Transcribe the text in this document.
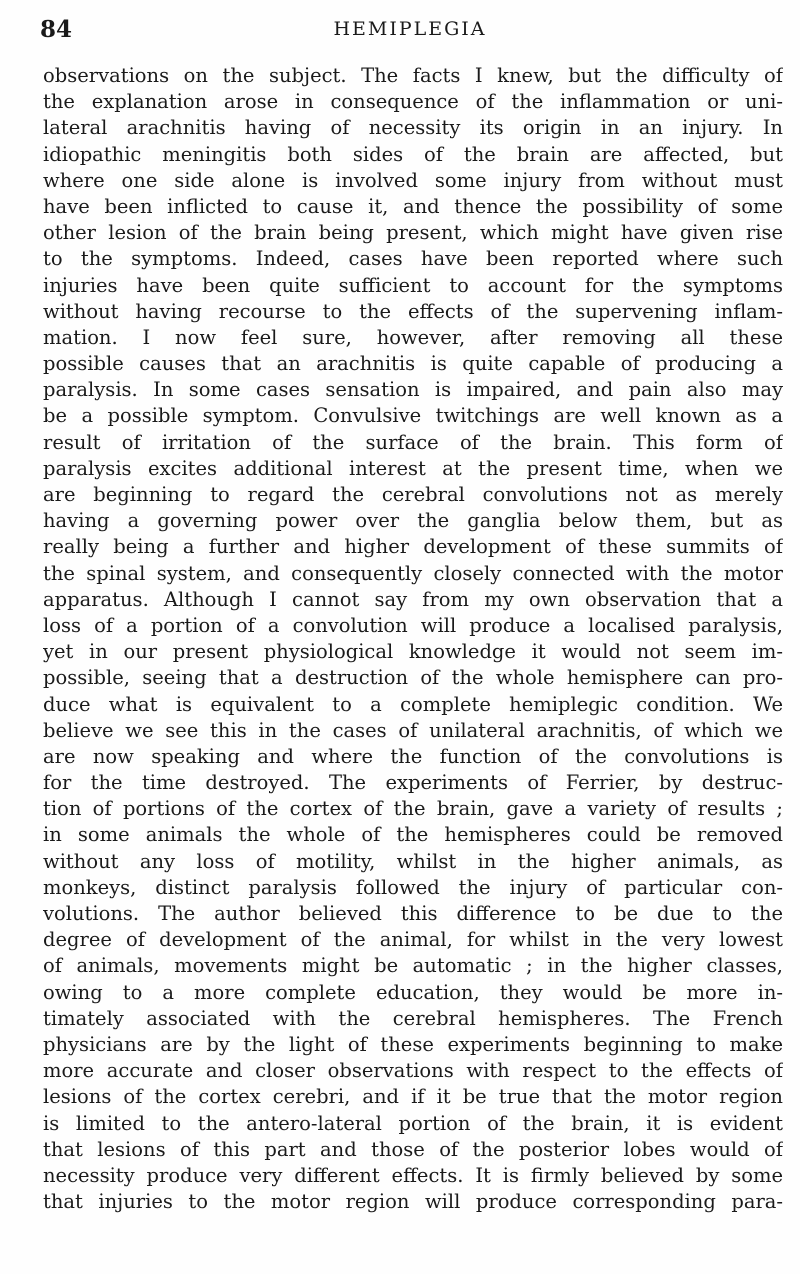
84	HEMIPLEGIA
observations on the subject. The facts I knew, but the difficulty of
the explanation arose in consequence of the inflammation or uni-
lateral arachnitis having of necessity its origin in an injury. In
idiopathic meningitis both sides of the brain are affected, but
where one side alone is involved some injury from without must
have been inflicted to cause it, and thence the possibility of some
other lesion of the brain being present, which might have given rise
to the symptoms. Indeed, cases have been reported where such
injuries have been quite sufficient to account for the symptoms
without having recourse to the effects of the supervening inflam-
mation. I now feel sure, however, after removing all these
possible causes that an arachnitis is quite capable of producing a
paralysis. In some cases sensation is impaired, and pain also may
be a possible symptom. Convulsive twitchings are well known as a
result of irritation of the surface of the brain. This form of
paralysis excites additional interest at the present time, when we
are beginning to regard the cerebral convolutions not as merely
having a governing power over the ganglia below them, but as
really being a further and higher development of these summits of
the spinal system, and consequently closely connected with the motor
apparatus. Although I cannot say from my own observation that a
loss of a portion of a convolution will produce a localised paralysis,
yet in our present physiological knowledge it would not seem im-
possible, seeing that a destruction of the whole hemisphere can pro-
duce what is equivalent to a complete hemiplegic condition. We
believe we see this in the cases of unilateral arachnitis, of which we
are now speaking and where the function of the convolutions is
for the time destroyed. The experiments of Ferrier, by destruc-
tion of portions of the cortex of the brain, gave a variety of results ;
in some animals the whole of the hemispheres could be removed
without any loss of motility, whilst in the higher animals, as
monkeys, distinct paralysis followed the injury of particular con-
volutions. The author believed this difference to be due to the
degree of development of the animal, for whilst in the very lowest
of animals, movements might be automatic ; in the higher classes,
owing to a more complete education, they would be more in-
timately associated with the cerebral hemispheres. The French
physicians are by the light of these experiments beginning to make
more accurate and closer observations with respect to the effects of
lesions of the cortex cerebri, and if it be true that the motor region
is limited to the antero-lateral portion of the brain, it is evident
that lesions of this part and those of the posterior lobes would of
necessity produce very different effects. It is firmly believed by some
that injuries to the motor region will produce corresponding para-
